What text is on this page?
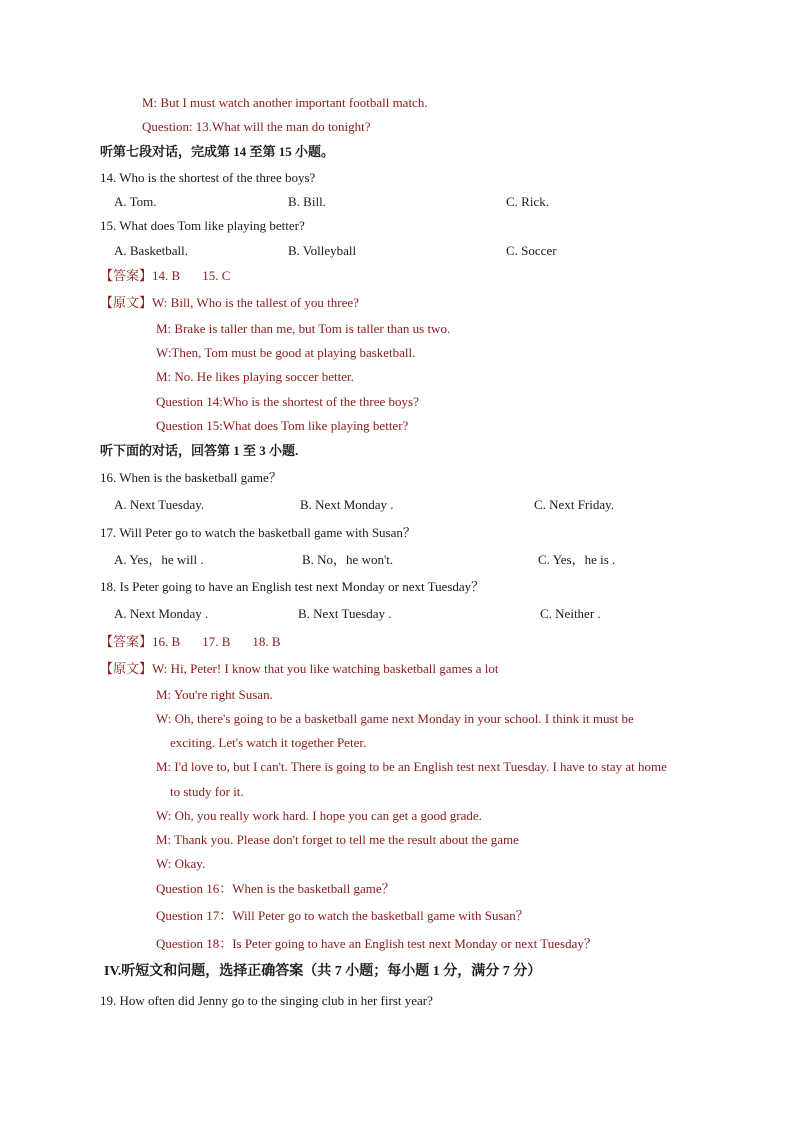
M: But I must watch another important football match.
Question: 13.What will the man do tonight?
听第七段对话，完成第 14 至第 15 小题。
14. Who is the shortest of the three boys?
A. Tom.	B. Bill.	C. Rick.
15. What does Tom like playing better?
A. Basketball.	B. Volleyball	C. Soccer
【答案】14. B 15. C
【原文】W: Bill, Who is the tallest of you three?
M: Brake is taller than me, but Tom is taller than us two.
W:Then, Tom must be good at playing basketball.
M: No. He likes playing soccer better.
Question 14:Who is the shortest of the three boys?
Question 15:What does Tom like playing better?
听下面的对话，回答第 1 至 3 小题.
16. When is the basketball game？
A. Next Tuesday.	B. Next Monday .	C. Next Friday.
17. Will Peter go to watch the basketball game with Susan？
A. Yes，he will .	B. No，he won't.	C. Yes，he is .
18. Is Peter going to have an English test next Monday or next Tuesday？
A. Next Monday .	B. Next Tuesday .	C. Neither .
【答案】16. B 17. B 18. B
【原文】W: Hi, Peter! I know that you like watching basketball games a lot
M: You're right Susan.
W: Oh, there's going to be a basketball game next Monday in your school. I think it must be
exciting. Let's watch it together Peter.
M: I'd love to, but I can't. There is going to be an English test next Tuesday. I have to stay at home
to study for it.
W: Oh, you really work hard. I hope you can get a good grade.
M: Thank you. Please don't forget to tell me the result about the game
W: Okay.
Question 16：When is the basketball game？
Question 17：Will Peter go to watch the basketball game with Susan？
Question 18：Is Peter going to have an English test next Monday or next Tuesday？
IV.听短文和问题，选择正确答案（共 7 小题；每小题 1 分，满分 7 分）
19. How often did Jenny go to the singing club in her first year?
